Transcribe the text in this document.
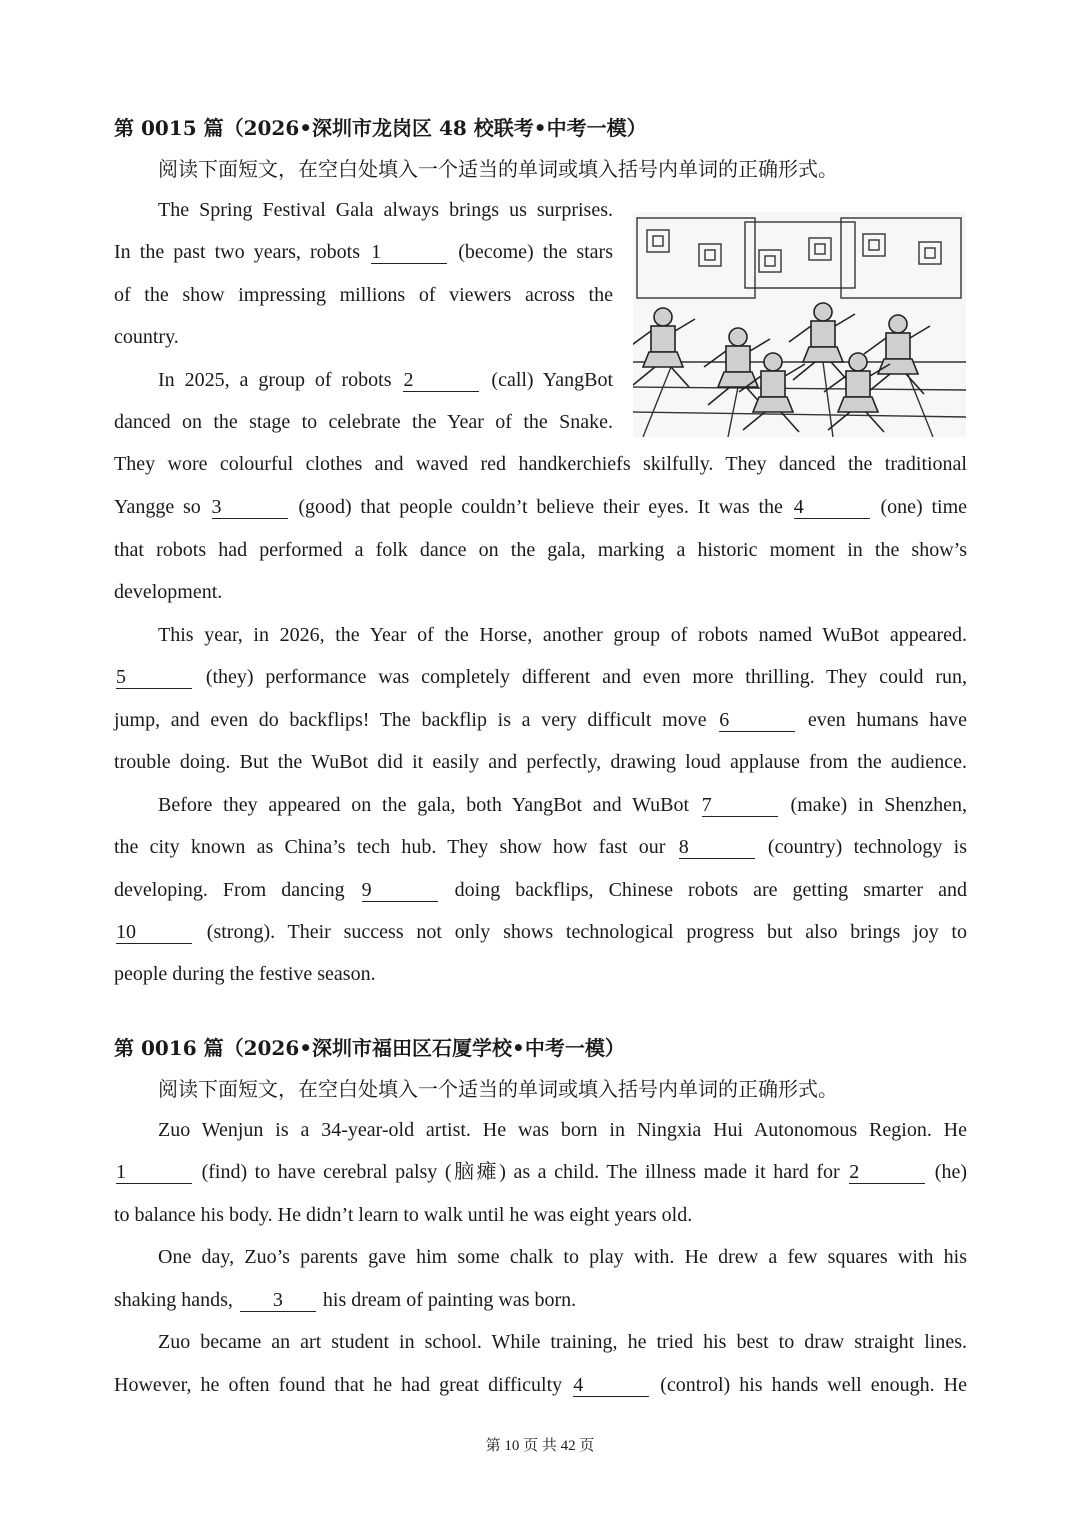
第 0015 篇（2026•深圳市龙岗区 48 校联考•中考一模）
阅读下面短文，在空白处填入一个适当的单词或填入括号内单词的正确形式。
The Spring Festival Gala always brings us surprises.
In the past two years, robots 1	(become) the stars
of the show impressing millions of viewers across the
country.
In 2025, a group of robots 2	(call) YangBot
danced on the stage to celebrate the Year of the Snake.
They wore colourful clothes and waved red handkerchiefs skilfully. They danced the traditional
Yangge so 3	(good) that people couldn’t believe their eyes. It was the 4	(one) time
that robots had performed a folk dance on the gala, marking a historic moment in the show’s
development.
This year, in 2026, the Year of the Horse, another group of robots named WuBot appeared.
5	(they) performance was completely different and even more thrilling. They could run,
jump, and even do backflips! The backflip is a very difficult move 6	even humans have
trouble doing. But the WuBot did it easily and perfectly, drawing loud applause from the audience.
Before they appeared on the gala, both YangBot and WuBot 7	(make) in Shenzhen,
the city known as China’s tech hub. They show how fast our 8	(country) technology is
developing. From dancing 9	doing backflips, Chinese robots are getting smarter and
10	(strong). Their success not only shows technological progress but also brings joy to
people during the festive season.
第 0016 篇（2026•深圳市福田区石厦学校•中考一模）
阅读下面短文，在空白处填入一个适当的单词或填入括号内单词的正确形式。
Zuo Wenjun is a 34-year-old artist. He was born in Ningxia Hui Autonomous Region. He
1	(find) to have cerebral palsy (脑瘫) as a child. The illness made it hard for 2	(he)
to balance his body. He didn’t learn to walk until he was eight years old.
One day, Zuo’s parents gave him some chalk to play with. He drew a few squares with his
shaking hands, 3 his dream of painting was born.
Zuo became an art student in school. While training, he tried his best to draw straight lines.
However, he often found that he had great difficulty 4	(control) his hands well enough. He
第 10 页 共 42 页
